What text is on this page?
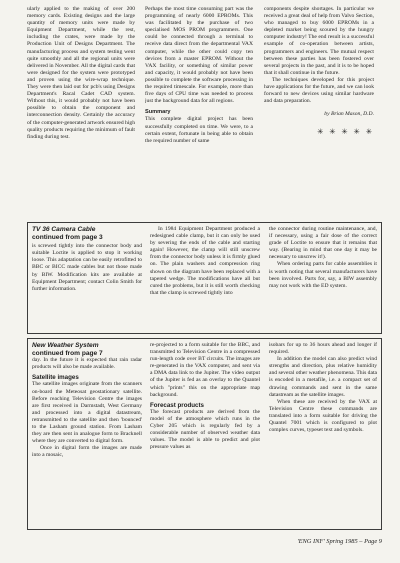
ularly applied to the making of over 200 memory cards. Existing designs and the large quantity of memory units were made by Equipment Department, while the rest, including the crates, were made by the Production Unit of Designs Department. The manufacturing process and system testing went quite smoothly and all the regional units were delivered in November. All the digital cards that were designed for the system were prototyped and proven using the wire-wrap technique. They were then laid out for pcb's using Designs Department's Racal Cadet CAD system. Without this, it would probably not have been possible to obtain the component and interconnection density. Certainly the accuracy of the computer-generated artwork ensured high quality products requiring the minimum of fault finding during test.

Perhaps the most time consuming part was the programming of nearly 6000 EPROMs. This was facilitated by the purchase of two specialised MOS PROM programmers. One could be connected through a terminal to receive data direct from the departmental VAX computer, while the other could copy ten devices from a master EPROM. Without the VAX facility, or something of similar power and capacity, it would probably not have been possible to complete the software processing in the required timescale. For example, more than five days of CPU time was needed to process just the background data for all regions.

Summary

This complete digital project has been successfully completed on time. We were, to a certain extent, fortunate in being able to obtain the required number of same

components despite shortages. In particular we received a great deal of help from Valvo Section, who managed to buy 6000 EPROMs in a depleted market being scoured by the hungry computer industry! The end result is a successful example of co-operation between artists, programmers and engineers. The mutual respect between these parties has been fostered over several projects in the past, and it is to be hoped that it shall continue in the future.

The techniques developed for this project have applications for the future, and we can look forward to new devices using similar hardware and data preparation.

by Brian Mason, D.D.

✳ ✳ ✳ ✳ ✳

TV 36 Camera Cable

continued from page 3

is screwed tightly into the connector body and suitable Loctite is applied to stop it working loose. This adaptation can be easily retrofitted to BBC or BICC made cables but not those made by BIW. Modification kits are available at Equipment Department; contact Colin Smith for further information.

In 1984 Equipment Department produced a redesigned cable clamp, but it can only be used by severing the ends of the cable and starting again! However, the clamp will still unscrew from the connector body unless it is firmly glued on. The plain washers and compression ring shown on the diagram have been replaced with a tapered wedge. The modifications have all but cured the problems, but it is still worth checking that the clamp is screwed tightly into

the connector during routine maintenance, and, if necessary, using a fair dose of the correct grade of Loctite to ensure that it remains that way. (Bearing in mind that one day it may be necessary to unscrew it!).

When ordering parts for cable assemblies it is worth noting that several manufacturers have been involved. Parts for, say, a BIW assembly may not work with the ED system.

New Weather System

continued from page 7

day. In the future it is expected that rain radar products will also be made available.

Satellite images

The satellite images originate from the scanners on-board the Meteosat geostationary satellite. Before reaching Television Centre the images are first received in Darmstadt, West Germany and processed into a digital datastream, retransmitted to the satellite and then 'bounced' to the Lasham ground station. From Lasham they are then sent in analogue form to Bracknell where they are converted to digital form.

Once in digital form the images are made into a mosaic,

re-projected to a form suitable for the BBC, and transmitted to Television Centre in a compressed run-length code over BT circuits. The images are re-generated in the VAX computer, and sent via a DMA data link to the Jupiter. The video output of the Jupiter is fed as an overlay to the Quantel which "prints" this on the appropriate map background.

Forecast products

The forecast products are derived from the model of the atmosphere which runs in the Cyber 205 which is regularly fed by a considerable number of observed weather data values. The model is able to predict and plot pressure values as

isobars for up to 36 hours ahead and longer if required.

In addition the model can also predict wind strengths and direction, plus relative humidity and several other weather phenomena. This data is encoded in a metafile, i.e. a compact set of drawing commands and sent in the same datastream as the satellite images.

When these are received by the VAX at Television Centre these commands are translated into a form suitable for driving the Quantel 7001 which is configured to plot complex curves, typeset text and symbols.

'ENG INF' Spring 1985 – Page 9
